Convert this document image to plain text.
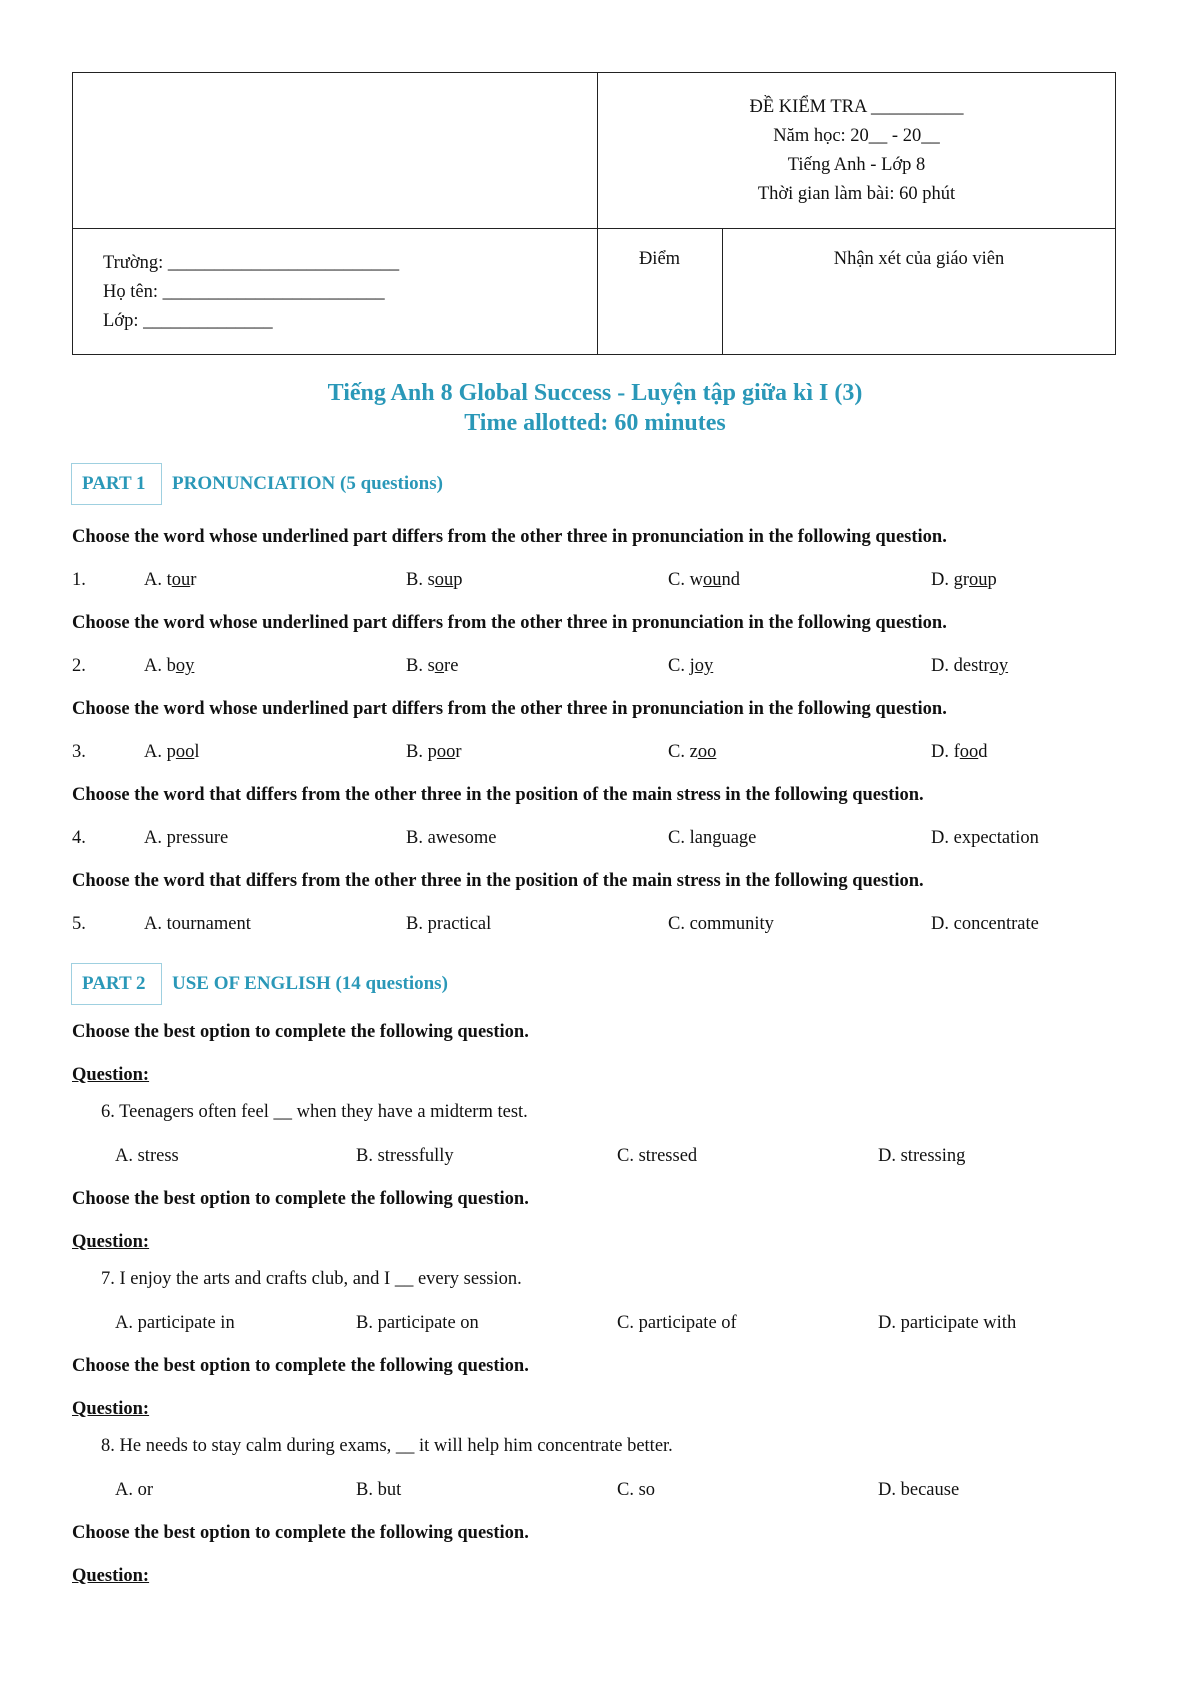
ĐỀ KIỂM TRA __________
Năm học: 20__ - 20__
Tiếng Anh - Lớp 8
Thời gian làm bài: 60 phút
Trường: _________________________
Họ tên: ________________________
Lớp: ______________
Điểm	Nhận xét của giáo viên
Tiếng Anh 8 Global Success - Luyện tập giữa kì I (3)
Time allotted: 60 minutes
PART 1 PRONUNCIATION (5 questions)
PART 2 USE OF ENGLISH (14 questions)
Choose the word whose underlined part differs from the other three in pronunciation in the following question.
1.	A. tour	B. soup	C. wound	D. group
Choose the word whose underlined part differs from the other three in pronunciation in the following question.
2.	A. boy	B. sore	C. joy	D. destroy
Choose the word whose underlined part differs from the other three in pronunciation in the following question.
3.	A. pool	B. poor	C. zoo	D. food
Choose the word that differs from the other three in the position of the main stress in the following question.
4.	A. pressure	B. awesome	C. language	D. expectation
Choose the word that differs from the other three in the position of the main stress in the following question.
5.	A. tournament	B. practical	C. community	D. concentrate
Choose the best option to complete the following question.
Question:
6. Teenagers often feel __ when they have a midterm test.
A. stress	B. stressfully	C. stressed	D. stressing
Choose the best option to complete the following question.
Question:
7. I enjoy the arts and crafts club, and I __ every session.
A. participate in	B. participate on	C. participate of	D. participate with
Choose the best option to complete the following question.
Question:
8. He needs to stay calm during exams, __ it will help him concentrate better.
A. or	B. but	C. so	D. because
Choose the best option to complete the following question.
Question:
